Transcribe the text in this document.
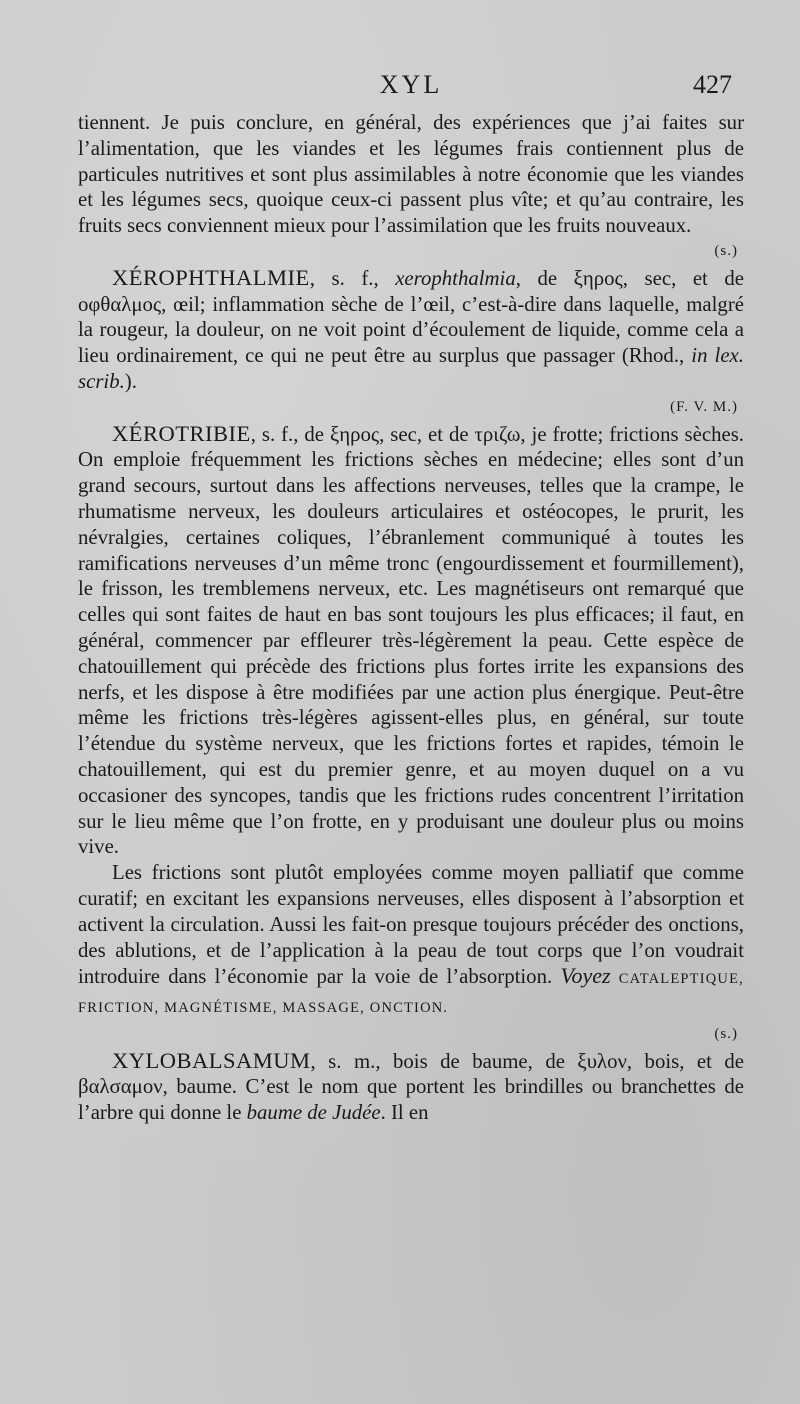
XYL	427

tiennent. Je puis conclure, en général, des expériences que j’ai faites sur l’alimentation, que les viandes et les légumes frais contiennent plus de particules nutritives et sont plus assimilables à notre économie que les viandes et les légumes secs, quoique ceux-ci passent plus vîte; et qu’au contraire, les fruits secs conviennent mieux pour l’assimilation que les fruits nouveaux.

(s.)

XÉROPHTHALMIE, s. f., xerophthalmia, de ξηρος, sec, et de οφθαλμος, œil; inflammation sèche de l’œil, c’est-à-dire dans laquelle, malgré la rougeur, la douleur, on ne voit point d’écoulement de liquide, comme cela a lieu ordinairement, ce qui ne peut être au surplus que passager (Rhod., in lex. scrib.).

(F. V. M.)

XÉROTRIBIE, s. f., de ξηρος, sec, et de τριζω, je frotte; frictions sèches. On emploie fréquemment les frictions sèches en médecine; elles sont d’un grand secours, surtout dans les affections nerveuses, telles que la crampe, le rhumatisme nerveux, les douleurs articulaires et ostéocopes, le prurit, les névralgies, certaines coliques, l’ébranlement communiqué à toutes les ramifications nerveuses d’un même tronc (engourdissement et fourmillement), le frisson, les tremblemens nerveux, etc. Les magnétiseurs ont remarqué que celles qui sont faites de haut en bas sont toujours les plus efficaces; il faut, en général, commencer par effleurer très-légèrement la peau. Cette espèce de chatouillement qui précède des frictions plus fortes irrite les expansions des nerfs, et les dispose à être modifiées par une action plus énergique. Peut-être même les frictions très-légères agissent-elles plus, en général, sur toute l’étendue du système nerveux, que les frictions fortes et rapides, témoin le chatouillement, qui est du premier genre, et au moyen duquel on a vu occasioner des syncopes, tandis que les frictions rudes concentrent l’irritation sur le lieu même que l’on frotte, en y produisant une douleur plus ou moins vive.

Les frictions sont plutôt employées comme moyen palliatif que comme curatif; en excitant les expansions nerveuses, elles disposent à l’absorption et activent la circulation. Aussi les fait-on presque toujours précéder des onctions, des ablutions, et de l’application à la peau de tout corps que l’on voudrait introduire dans l’économie par la voie de l’absorption. Voyez CATALEPTIQUE, FRICTION, MAGNÉTISME, MASSAGE, ONCTION.

(s.)

XYLOBALSAMUM, s. m., bois de baume, de ξυλον, bois, et de βαλσαμον, baume. C’est le nom que portent les brindilles ou branchettes de l’arbre qui donne le baume de Judée. Il en
